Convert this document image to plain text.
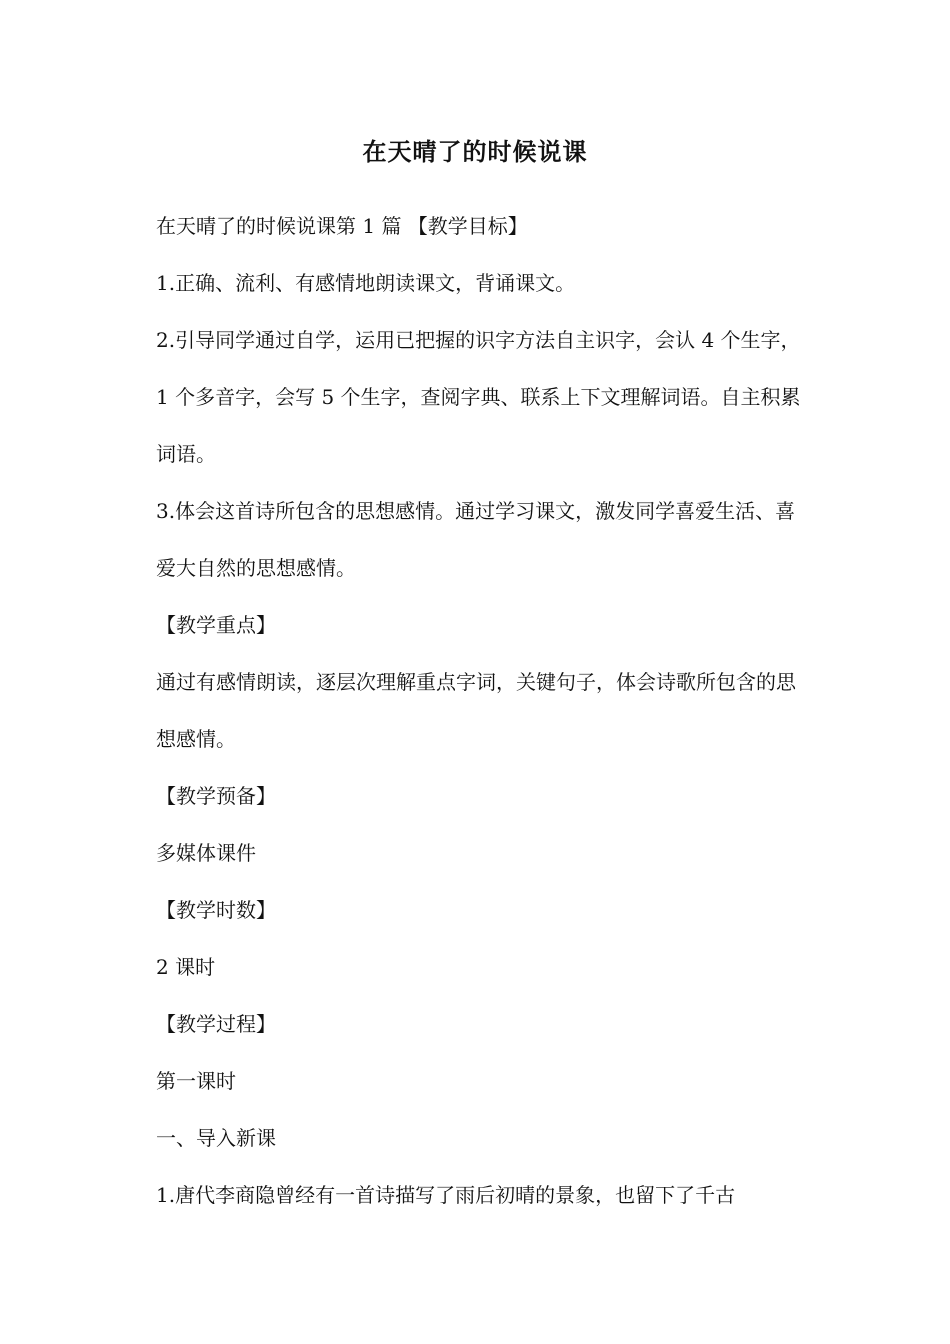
在天晴了的时候说课

在天晴了的时候说课第 1 篇 【教学目标】

1.正确、流利、有感情地朗读课文，背诵课文。

2.引导同学通过自学，运用已把握的识字方法自主识字，会认 4 个生字，1 个多音字，会写 5 个生字，查阅字典、联系上下文理解词语。自主积累词语。

3.体会这首诗所包含的思想感情。通过学习课文，激发同学喜爱生活、喜爱大自然的思想感情。

【教学重点】

通过有感情朗读，逐层次理解重点字词，关键句子，体会诗歌所包含的思想感情。

【教学预备】

多媒体课件

【教学时数】

2 课时

【教学过程】

第一课时

一、导入新课

1.唐代李商隐曾经有一首诗描写了雨后初晴的景象，也留下了千古
